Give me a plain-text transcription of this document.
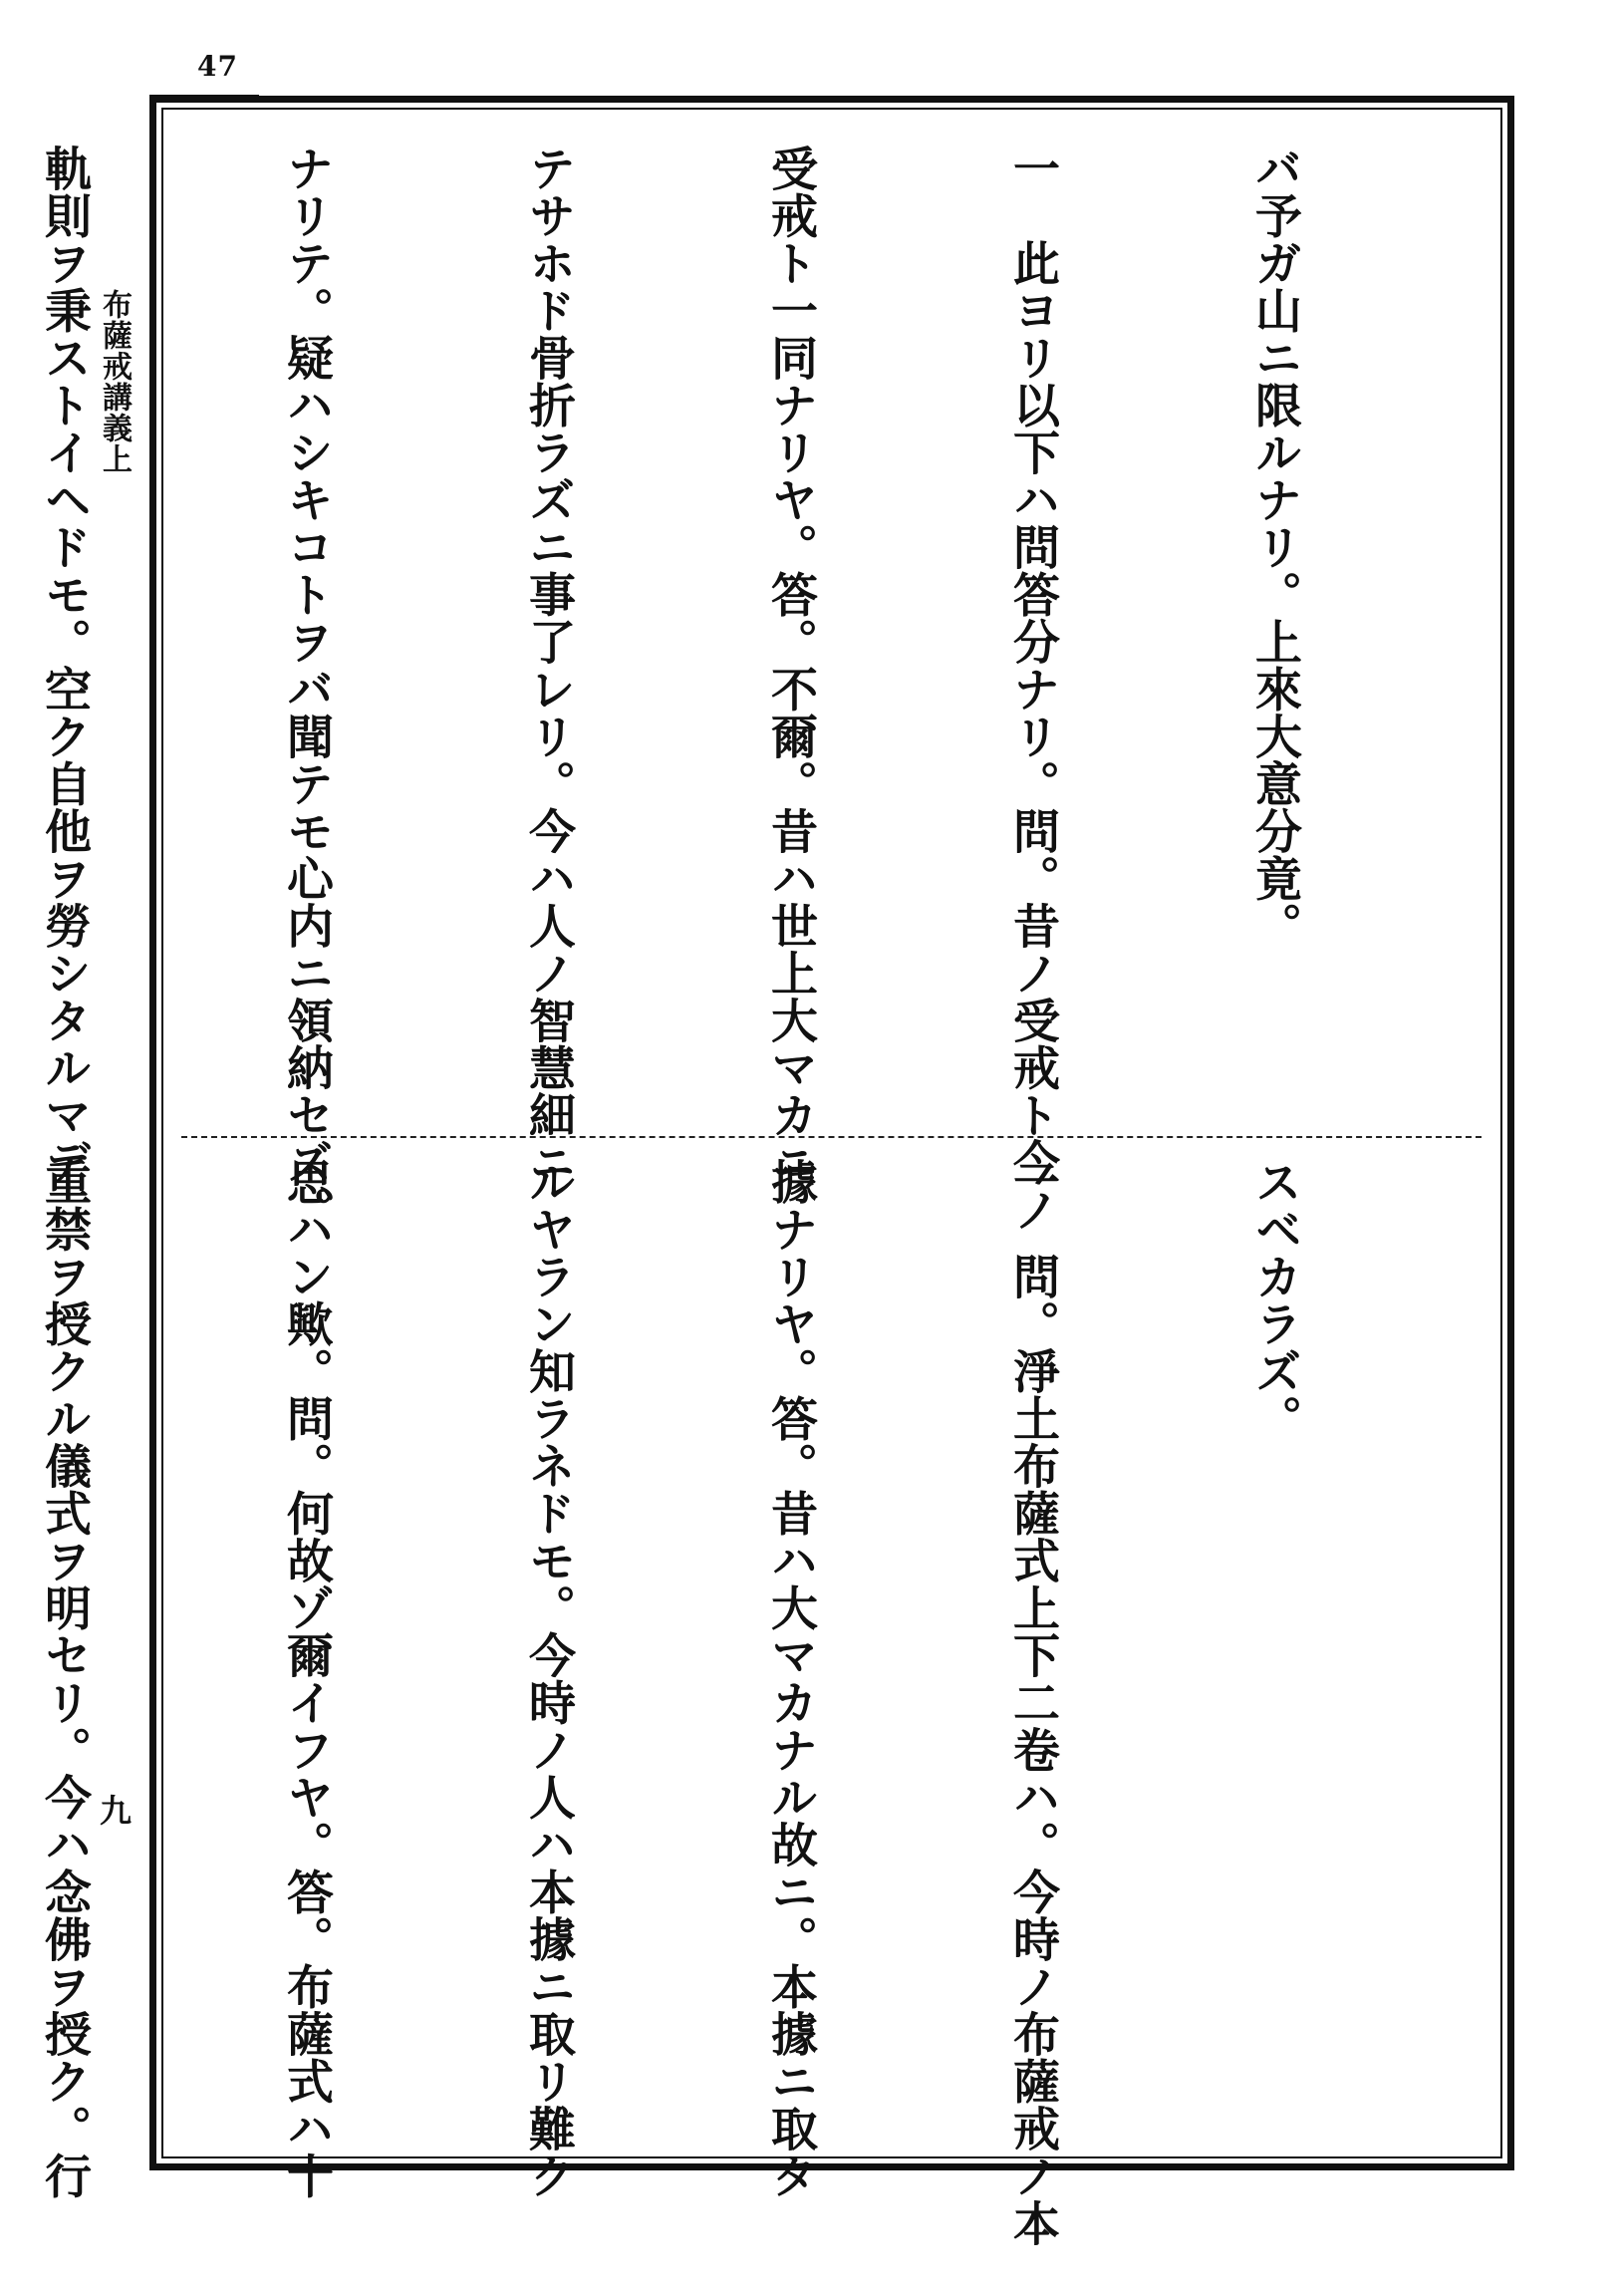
47
布薩戒講義上
九

バ予ガ山ニ限ルナリ。上來大意分竟。

一　此ヨリ以下ハ問答分ナリ。問。昔ノ受戒ト今ノ

受戒ト一同ナリヤ。答。不爾。昔ハ世上大マカニ

テサホド骨折ラズニ事了レリ。今ハ人ノ智慧細ニ

ナリテ。疑ハシキコトヲバ聞テモ心内ニ領納セズ。

軌則ヲ秉ストイヘドモ。空ク自他ヲ勞シタルマデ

スベカラズ。

一　問。淨土布薩式上下二卷ハ。今時ノ布薩戒ノ本

據ナリヤ。答。昔ハ大マカナル故ニ。本據ニ取タ

ルヤラン知ラネドモ。今時ノ人ハ本據ニ取リ難ク

思ハン歟。問。何故ゾ爾イフヤ。答。布薩式ハ十

重禁ヲ授クル儀式ヲ明セリ。今ハ念佛ヲ授ク。行
